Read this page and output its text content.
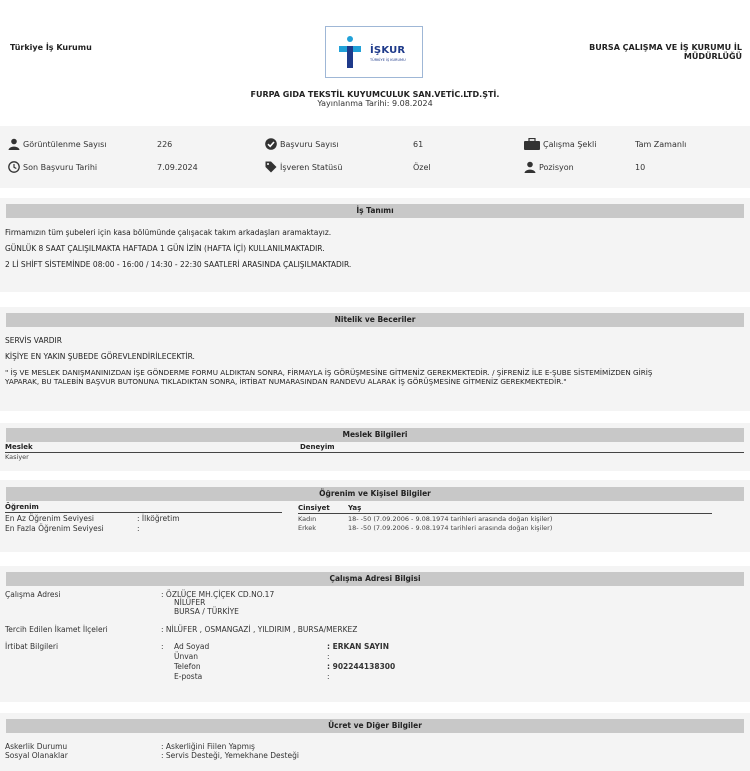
Türkiye İş Kurumu	İŞKUR
TÜRKİYE İŞ KURUMU
BURSA ÇALIŞMA VE İŞ KURUMU İL
MÜDÜRLÜĞÜ
FURPA GIDA TEKSTİL KUYUMCULUK SAN.VETİC.LTD.ŞTİ.
Yayınlanma Tarihi: 9.08.2024
Görüntülenme Sayısı	226	Başvuru Sayısı	61	Çalışma Şekli	Tam Zamanlı
Son Başvuru Tarihi	7.09.2024	İşveren Statüsü	Özel	Pozisyon	10
İş Tanımı
Firmamızın tüm şubeleri için kasa bölümünde çalışacak takım arkadaşları aramaktayız.
GÜNLÜK 8 SAAT ÇALIŞILMAKTA HAFTADA 1 GÜN İZİN (HAFTA İÇİ) KULLANILMAKTADIR.
2 Lİ SHİFT SİSTEMİNDE 08:00 - 16:00 / 14:30 - 22:30 SAATLERİ ARASINDA ÇALIŞILMAKTADIR.
Nitelik ve Beceriler
SERVİS VARDIR
KİŞİYE EN YAKIN ŞUBEDE GÖREVLENDİRİLECEKTİR.
" İŞ VE MESLEK DANIŞMANINIZDAN İŞE GÖNDERME FORMU ALDIKTAN SONRA, FİRMAYLA İŞ GÖRÜŞMESİNE GİTMENİZ GEREKMEKTEDİR. / ŞİFRENİZ İLE E-ŞUBE SİSTEMİMİZDEN GİRİŞ
YAPARAK, BU TALEBİN BAŞVUR BUTONUNA TIKLADIKTAN SONRA, İRTİBAT NUMARASINDAN RANDEVU ALARAK İŞ GÖRÜŞMESİNE GİTMENİZ GEREKMEKTEDİR."
Meslek Bilgileri
Meslek	Deneyim
Kasiyer
Öğrenim ve Kişisel Bilgiler
Öğrenim
En Az Öğrenim Seviyesi	: İlköğretim
En Fazla Öğrenim Seviyesi	:
Cinsiyet	Yaş
Kadın	18- -50 (7.09.2006 - 9.08.1974 tarihleri arasında doğan kişiler)
Erkek	18- -50 (7.09.2006 - 9.08.1974 tarihleri arasında doğan kişiler)
Çalışma Adresi Bilgisi
Çalışma Adresi	: ÖZLÜCE MH.ÇİÇEK CD.NO.17
NİLÜFER
BURSA / TÜRKİYE
Tercih Edilen İkamet İlçeleri	: NİLÜFER , OSMANGAZİ , YILDIRIM , BURSA/MERKEZ
İrtibat Bilgileri	: Ad Soyad	: ERKAN SAYIN
Ünvan	:
Telefon	: 902244138300
E-posta	:
Ücret ve Diğer Bilgiler
Askerlik Durumu	: Askerliğini Fiilen Yapmış
Sosyal Olanaklar	: Servis Desteği, Yemekhane Desteği
